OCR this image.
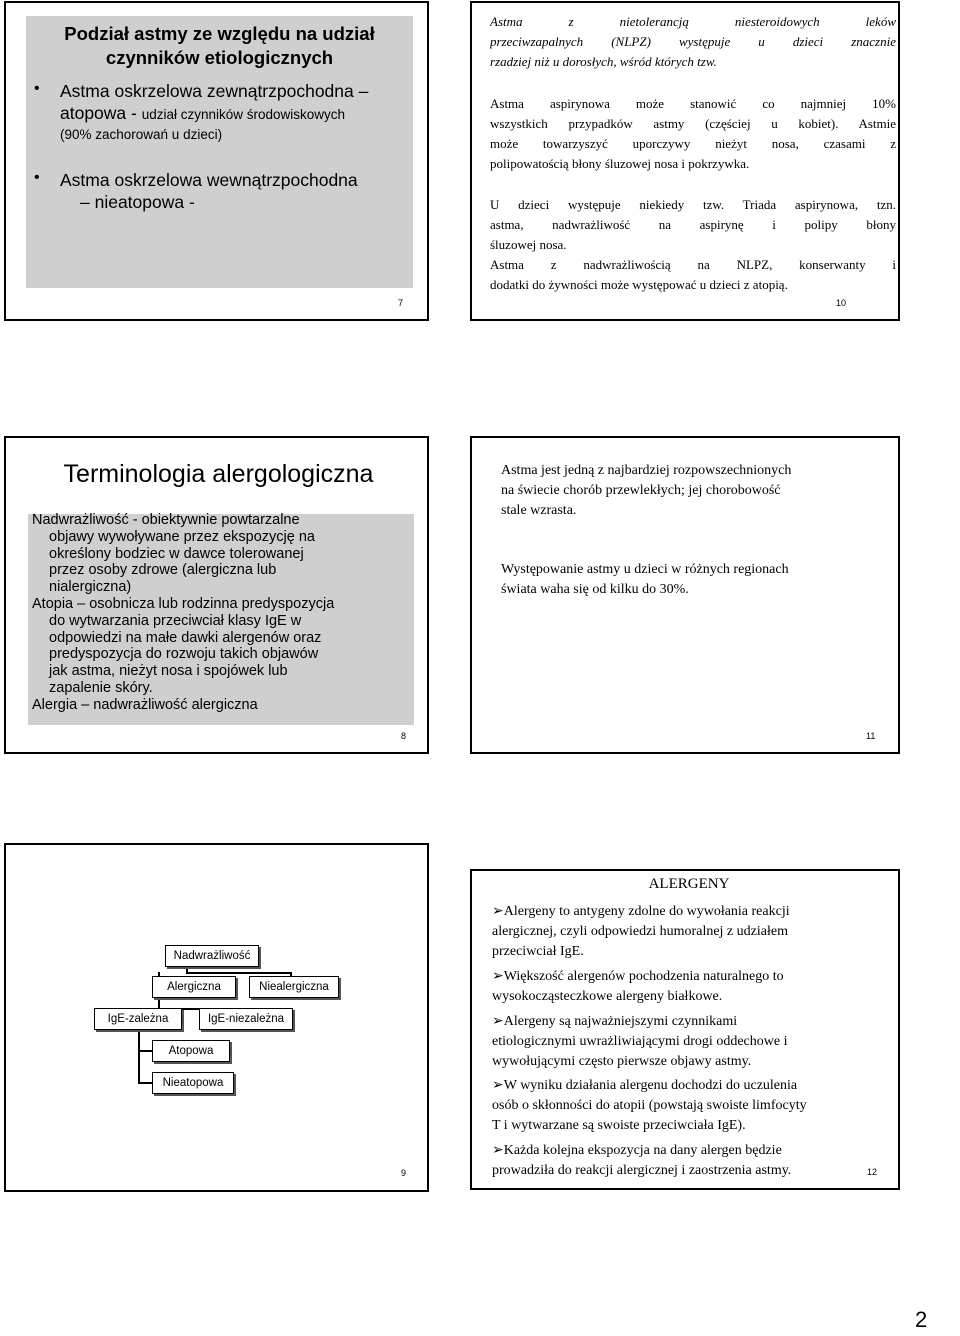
Podział astmy ze względu na udział
czynników etiologicznych
•	Astma oskrzelowa zewnątrzpochodna –
atopowa - udział czynników środowiskowych
(90% zachorowań u dzieci)
•	Astma oskrzelowa wewnątrzpochodna
– nieatopowa -
7
Astma z nietolerancją niesteroidowych leków
przeciwzapalnych (NLPZ) występuje u dzieci znacznie
rzadziej niż u dorosłych, wśród których tzw.
Astma aspirynowa może stanowić co najmniej 10%
wszystkich przypadków astmy (częściej u kobiet). Astmie
może towarzyszyć uporczywy nieżyt nosa, czasami z
polipowatością błony śluzowej nosa i pokrzywka.
U dzieci występuje niekiedy tzw. Triada aspirynowa, tzn.
astma, nadwrażliwość na aspirynę i polipy błony
śluzowej nosa.
Astma z nadwrażliwością na NLPZ, konserwanty i
dodatki do żywności może występować u dzieci z atopią.
10
Terminologia alergologiczna
Nadwrażliwość - obiektywnie powtarzalne
objawy wywoływane przez ekspozycję na
określony bodziec w dawce tolerowanej
przez osoby zdrowe (alergiczna lub
nialergiczna)
Atopia – osobnicza lub rodzinna predyspozycja
do wytwarzania przeciwciał klasy IgE w
odpowiedzi na małe dawki alergenów oraz
predyspozycja do rozwoju takich objawów
jak astma, nieżyt nosa i spojówek lub
zapalenie skóry.
Alergia – nadwrażliwość alergiczna
8
Astma jest jedną z najbardziej rozpowszechnionych
na świecie chorób przewlekłych; jej chorobowość
stale wzrasta.
Występowanie astmy u dzieci w różnych regionach
świata waha się od kilku do 30%.
11
Nadwrażliwość
Alergiczna	Niealergiczna
IgE-zależna	IgE-niezależna
Atopowa
Nieatopowa
9
ALERGENY
➢Alergeny to antygeny zdolne do wywołania reakcji
alergicznej, czyli odpowiedzi humoralnej z udziałem
przeciwciał IgE.
➢Większość alergenów pochodzenia naturalnego to
wysokocząsteczkowe alergeny białkowe.
➢Alergeny są najważniejszymi czynnikami
etiologicznymi uwrażliwiającymi drogi oddechowe i
wywołującymi często pierwsze objawy astmy.
➢W wyniku działania alergenu dochodzi do uczulenia
osób o skłonności do atopii (powstają swoiste limfocyty
T i wytwarzane są swoiste przeciwciała IgE).
➢Każda kolejna ekspozycja na dany alergen będzie
prowadziła do reakcji alergicznej i zaostrzenia astmy.	12
2
